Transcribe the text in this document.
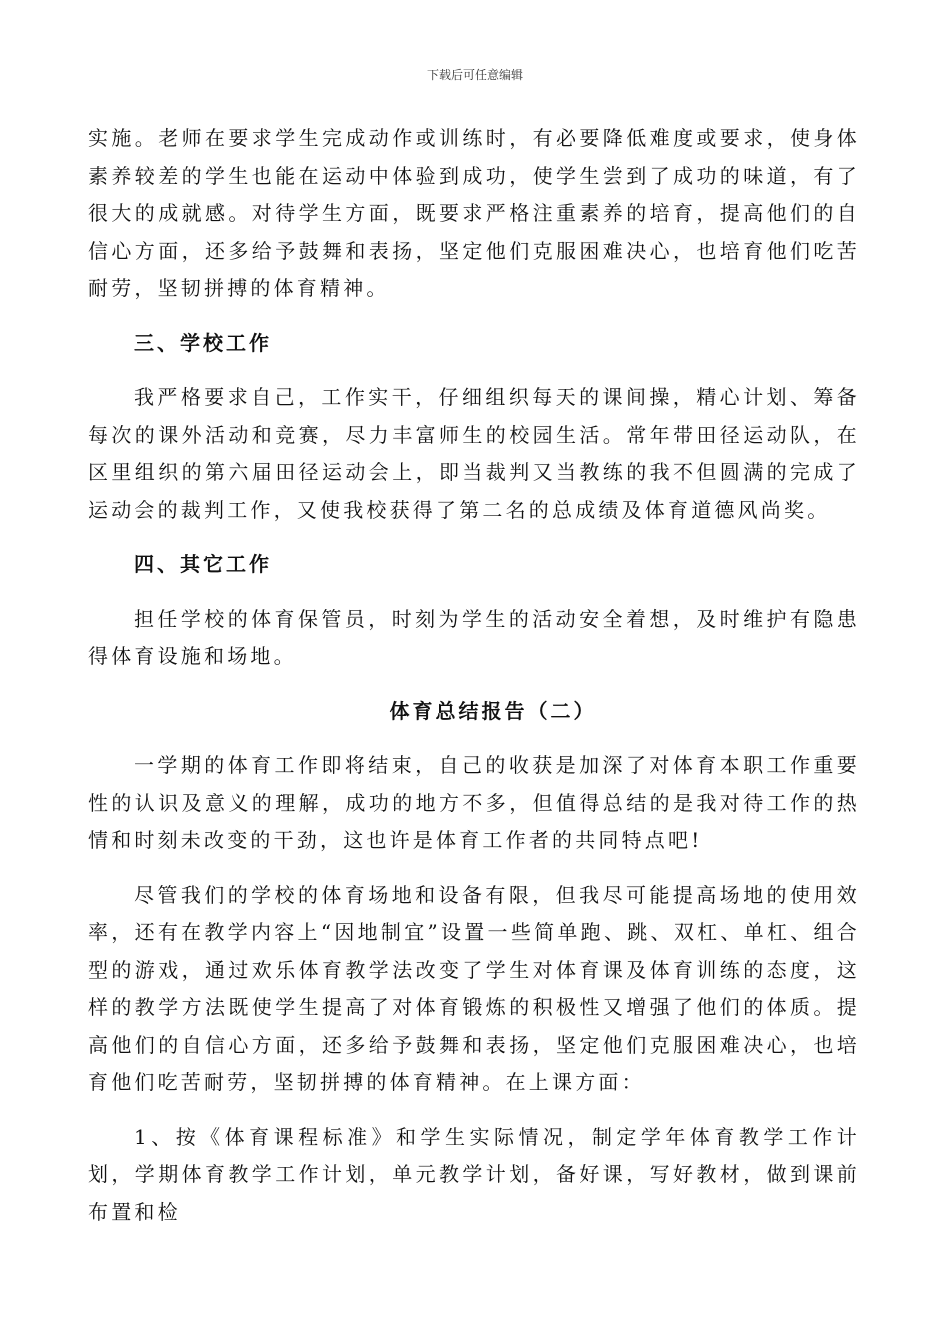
下载后可任意编辑

实施。老师在要求学生完成动作或训练时，有必要降低难度或要求，使身体素养较差的学生也能在运动中体验到成功，使学生尝到了成功的味道，有了很大的成就感。对待学生方面，既要求严格注重素养的培育，提高他们的自信心方面，还多给予鼓舞和表扬，坚定他们克服困难决心，也培育他们吃苦耐劳，坚韧拼搏的体育精神。

三、学校工作

我严格要求自己，工作实干，仔细组织每天的课间操，精心计划、筹备每次的课外活动和竞赛，尽力丰富师生的校园生活。常年带田径运动队，在区里组织的第六届田径运动会上，即当裁判又当教练的我不但圆满的完成了运动会的裁判工作，又使我校获得了第二名的总成绩及体育道德风尚奖。

四、其它工作

担任学校的体育保管员，时刻为学生的活动安全着想，及时维护有隐患得体育设施和场地。

体育总结报告（二）

一学期的体育工作即将结束，自己的收获是加深了对体育本职工作重要性的认识及意义的理解，成功的地方不多，但值得总结的是我对待工作的热情和时刻未改变的干劲，这也许是体育工作者的共同特点吧!

尽管我们的学校的体育场地和设备有限，但我尽可能提高场地的使用效率，还有在教学内容上“因地制宜”设置一些简单跑、跳、双杠、单杠、组合型的游戏，通过欢乐体育教学法改变了学生对体育课及体育训练的态度，这样的教学方法既使学生提高了对体育锻炼的积极性又增强了他们的体质。提高他们的自信心方面，还多给予鼓舞和表扬，坚定他们克服困难决心，也培育他们吃苦耐劳，坚韧拼搏的体育精神。在上课方面：

1、按《体育课程标准》和学生实际情况，制定学年体育教学工作计划，学期体育教学工作计划，单元教学计划，备好课，写好教材，做到课前布置和检
